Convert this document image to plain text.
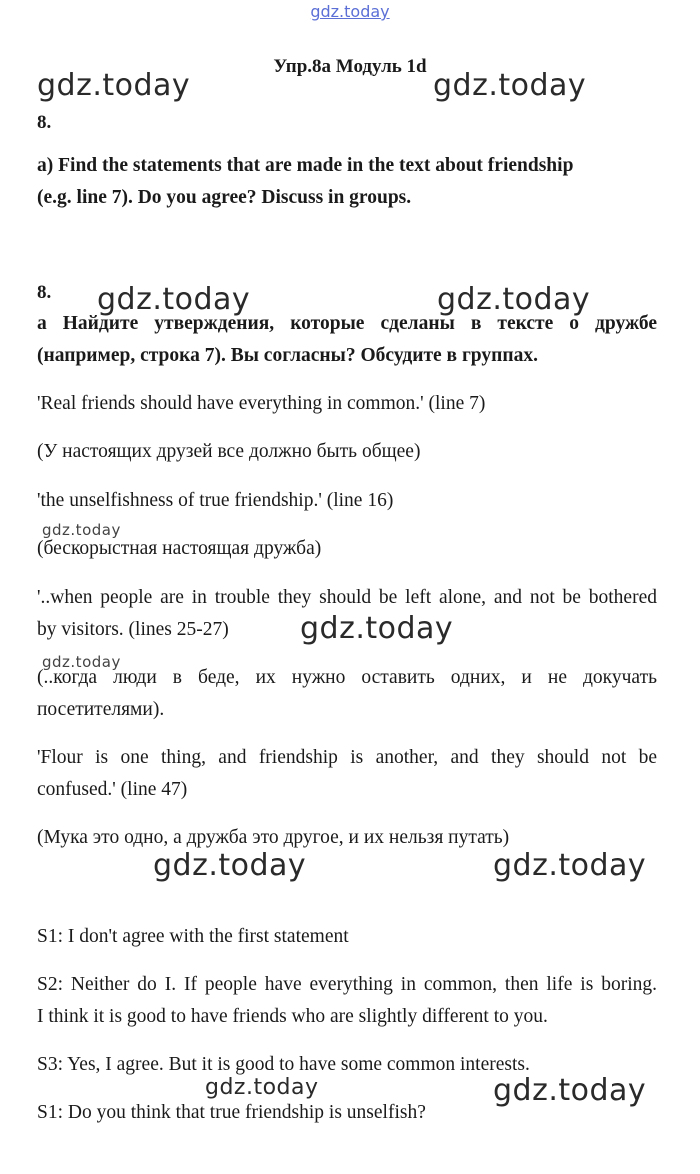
gdz.today
Упр.8а Модуль 1d
gdz.today	gdz.today
gdz.today	gdz.today
gdz.today
gdz.today
gdz.today
gdz.today	gdz.today
gdz.today
gdz.today
8.
a) Find the statements that are made in the text about friendship
(e.g. line 7). Do you agree? Discuss in groups.
8.
а Найдите утверждения, которые сделаны в тексте о дружбе
(например, строка 7). Вы согласны? Обсудите в группах.
'Real friends should have everything in common.' (line 7)
(У настоящих друзей все должно быть общее)
'the unselfishness of true friendship.' (line 16)
(бескорыстная настоящая дружба)
'..when people are in trouble they should be left alone, and not be bothered
by visitors. (lines 25-27)
(..когда люди в беде, их нужно оставить одних, и не докучать
посетителями).
'Flour is one thing, and friendship is another, and they should not be
confused.' (line 47)
(Мука это одно, а дружба это другое, и их нельзя путать)
S1: I don't agree with the first statement
S2: Neither do I. If people have everything in common, then life is boring.
I think it is good to have friends who are slightly different to you.
S3: Yes, I agree. But it is good to have some common interests.
S1: Do you think that true friendship is unselfish?
